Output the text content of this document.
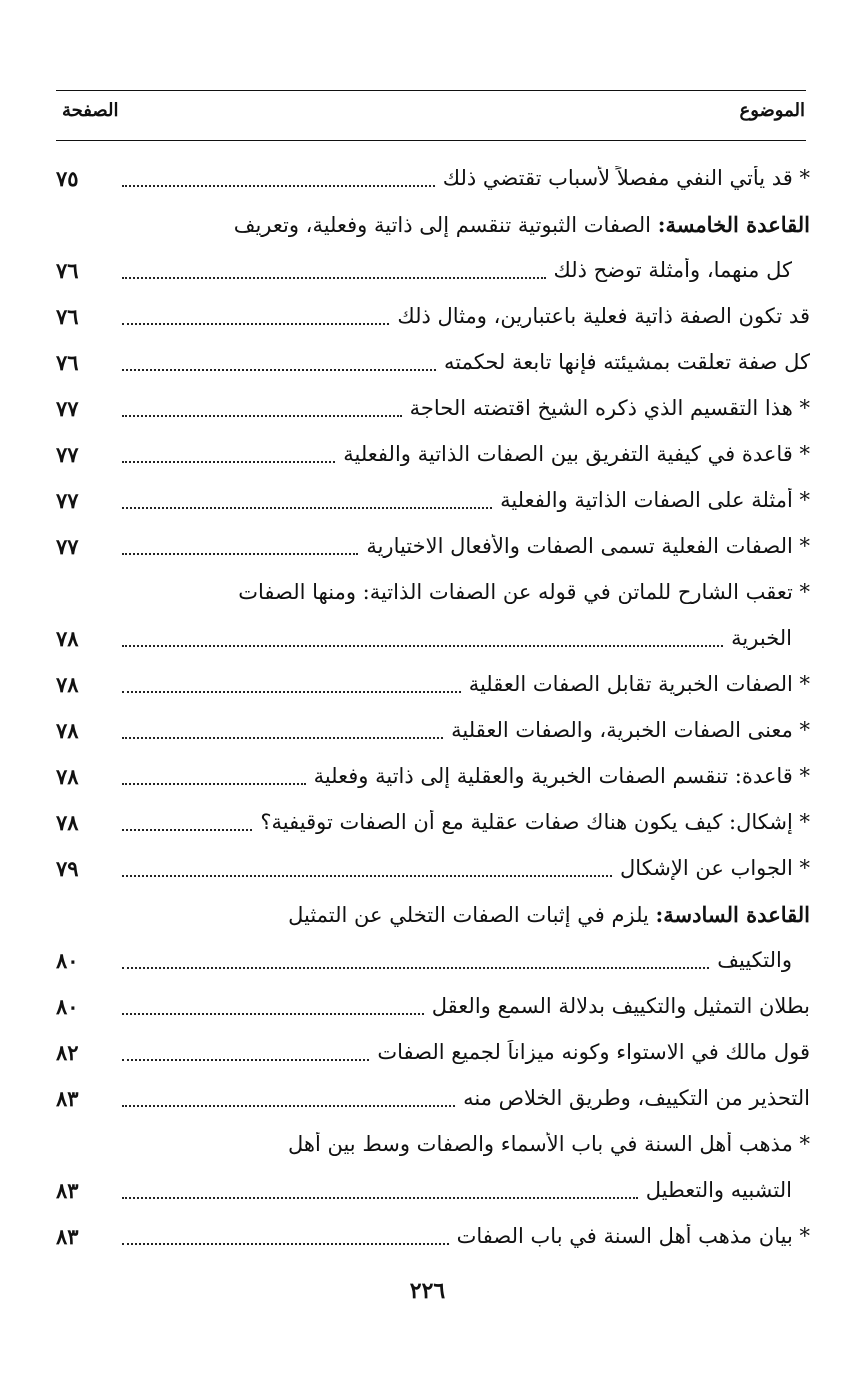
الموضوع
الصفحة
* قد يأتي النفي مفصلاً لأسباب تقتضي ذلك
٧٥
القاعدة الخامسة: الصفات الثبوتية تنقسم إلى ذاتية وفعلية، وتعريف
كل منهما، وأمثلة توضح ذلك
٧٦
قد تكون الصفة ذاتية فعلية باعتبارين، ومثال ذلك
٧٦
كل صفة تعلقت بمشيئته فإنها تابعة لحكمته
٧٦
* هذا التقسيم الذي ذكره الشيخ اقتضته الحاجة
٧٧
* قاعدة في كيفية التفريق بين الصفات الذاتية والفعلية
٧٧
* أمثلة على الصفات الذاتية والفعلية
٧٧
* الصفات الفعلية تسمى الصفات والأفعال الاختيارية
٧٧
* تعقب الشارح للماتن في قوله عن الصفات الذاتية: ومنها الصفات
الخبرية
٧٨
* الصفات الخبرية تقابل الصفات العقلية
٧٨
* معنى الصفات الخبرية، والصفات العقلية
٧٨
* قاعدة: تنقسم الصفات الخبرية والعقلية إلى ذاتية وفعلية
٧٨
* إشكال: كيف يكون هناك صفات عقلية مع أن الصفات توقيفية؟
٧٨
* الجواب عن الإشكال
٧٩
القاعدة السادسة: يلزم في إثبات الصفات التخلي عن التمثيل
والتكييف
٨٠
بطلان التمثيل والتكييف بدلالة السمع والعقل
٨٠
قول مالك في الاستواء وكونه ميزاناً لجميع الصفات
٨٢
التحذير من التكييف، وطريق الخلاص منه
٨٣
* مذهب أهل السنة في باب الأسماء والصفات وسط بين أهل
التشبيه والتعطيل
٨٣
* بيان مذهب أهل السنة في باب الصفات
٨٣
٢٢٦
